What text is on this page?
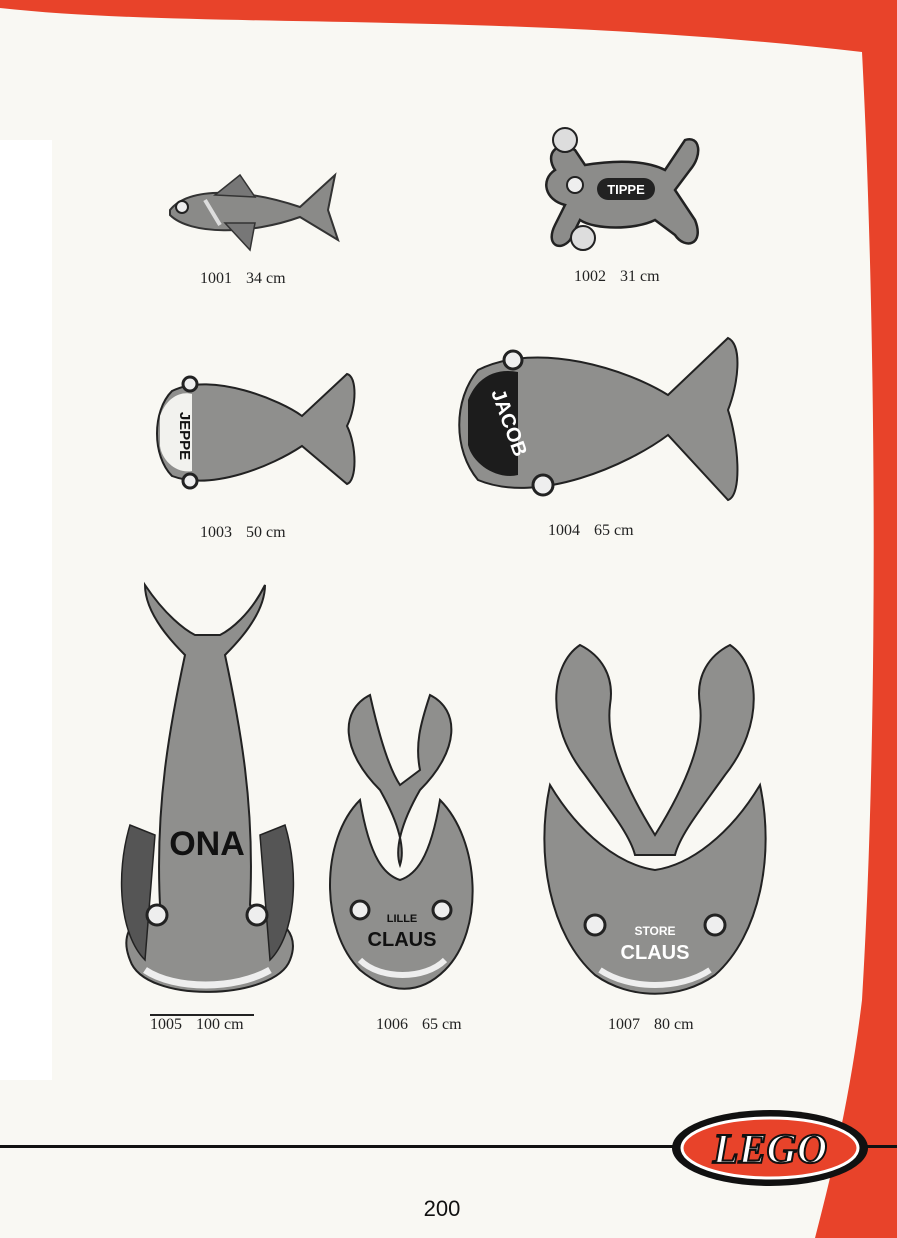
1001 34 cm
TIPPE
1002 31 cm
JEPPE
1003 50 cm
JACOB
1004 65 cm
ONA
1005 100 cm
LILLE
CLAUS
1006 65 cm
STORE
CLAUS
1007 80 cm
LEGO
200
